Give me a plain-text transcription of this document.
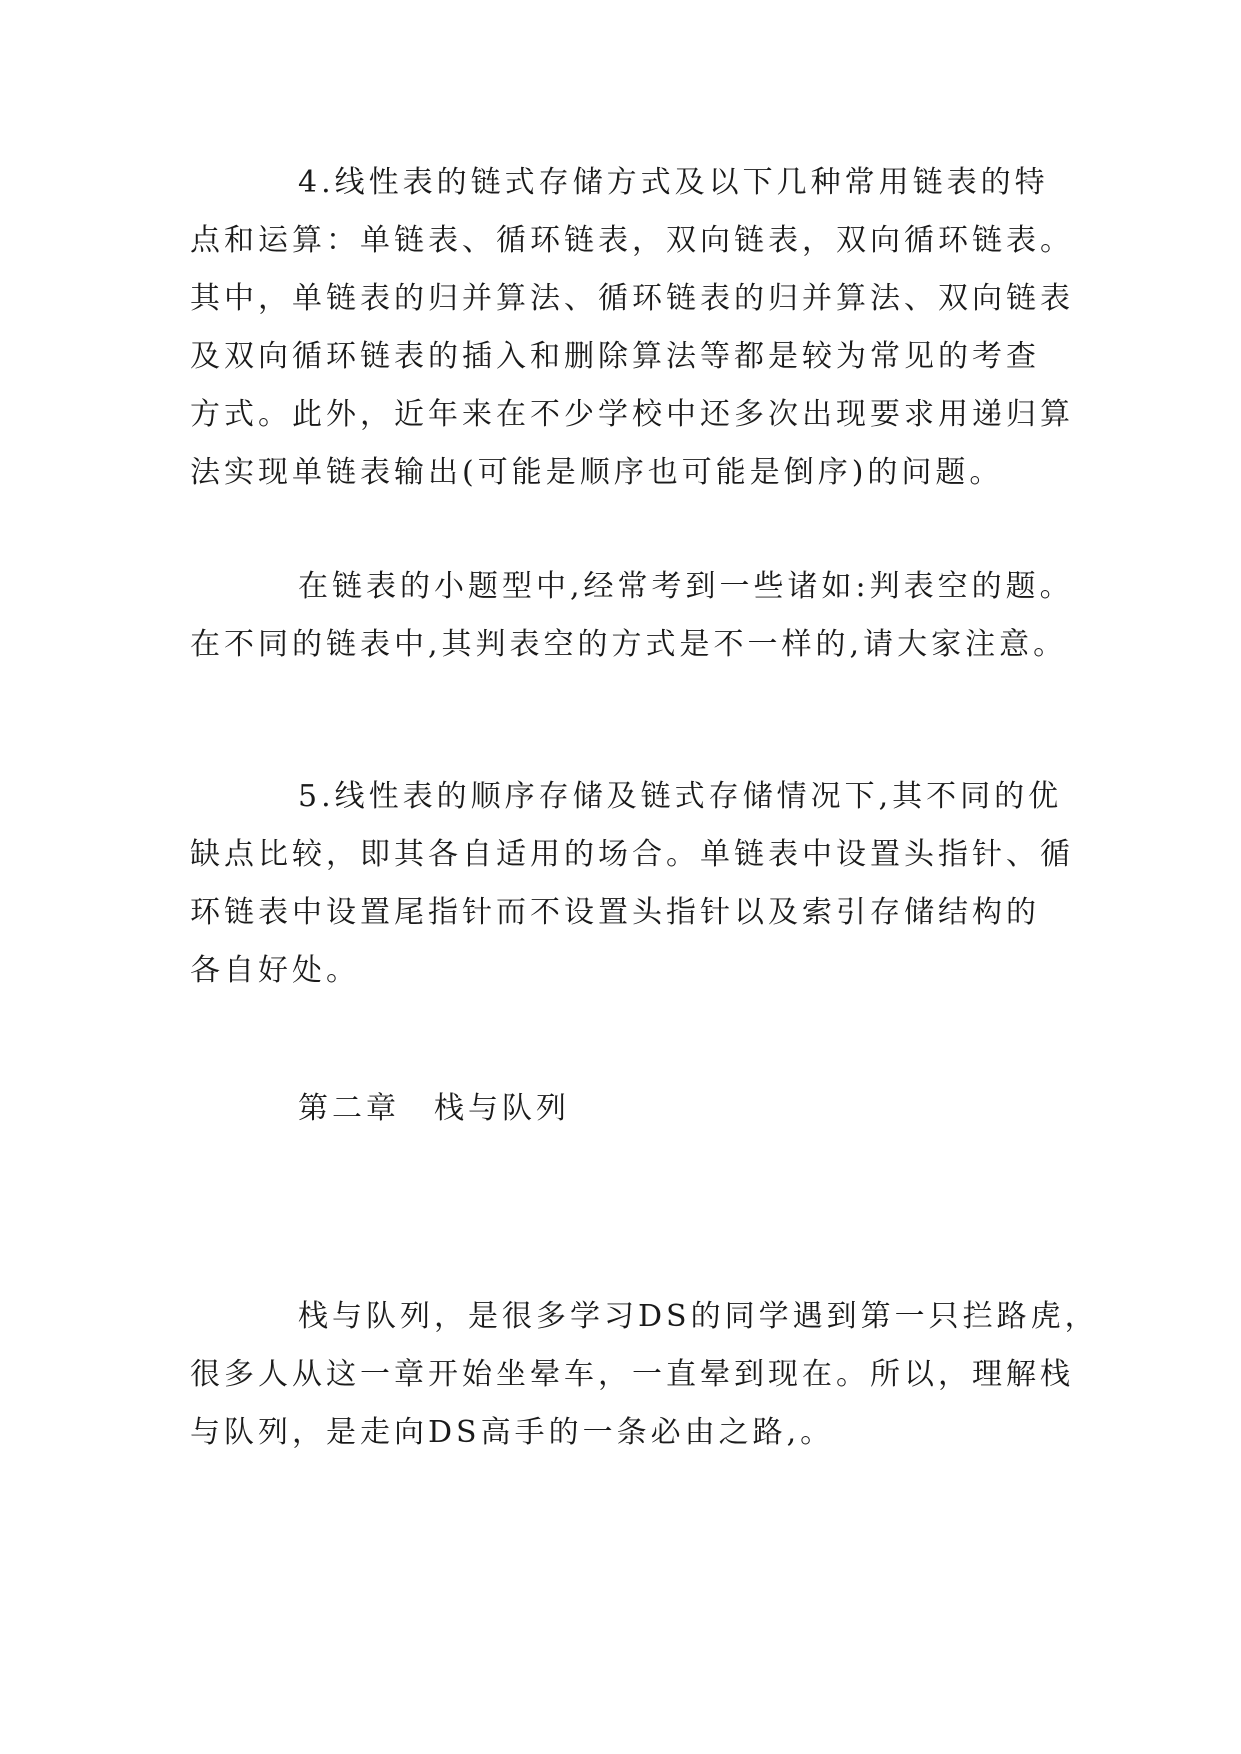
4.线性表的链式存储方式及以下几种常用链表的特
点和运算：单链表、循环链表，双向链表，双向循环链表。
其中，单链表的归并算法、循环链表的归并算法、双向链表
及双向循环链表的插入和删除算法等都是较为常见的考查
方式。此外，近年来在不少学校中还多次出现要求用递归算
法实现单链表输出(可能是顺序也可能是倒序)的问题。
在链表的小题型中,经常考到一些诸如:判表空的题。
在不同的链表中,其判表空的方式是不一样的,请大家注意。
5.线性表的顺序存储及链式存储情况下,其不同的优
缺点比较，即其各自适用的场合。单链表中设置头指针、循
环链表中设置尾指针而不设置头指针以及索引存储结构的
各自好处。
第二章　栈与队列
栈与队列，是很多学习DS的同学遇到第一只拦路虎，
很多人从这一章开始坐晕车，一直晕到现在。所以，理解栈
与队列，是走向DS高手的一条必由之路,。
